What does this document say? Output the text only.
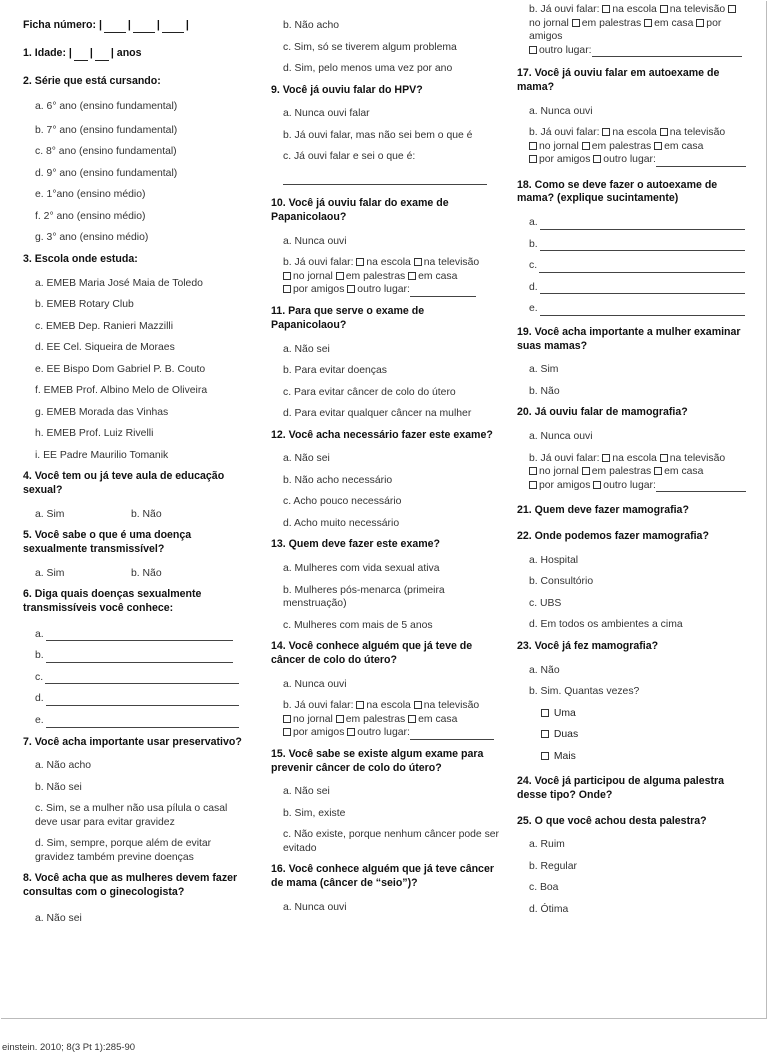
Ficha número: | | | |
1. Idade: | | | anos
2. Série que está cursando:
a. 6° ano (ensino fundamental)
b. 7° ano (ensino fundamental)
c. 8° ano (ensino fundamental)
d. 9° ano (ensino fundamental)
e. 1°ano (ensino médio)
f. 2° ano (ensino médio)
g. 3° ano (ensino médio)
3. Escola onde estuda:
a. EMEB Maria José Maia de Toledo
b. EMEB Rotary Club
c. EMEB Dep. Ranieri Mazzilli
d. EE Cel. Siqueira de Moraes
e. EE Bispo Dom Gabriel P. B. Couto
f. EMEB Prof. Albino Melo de Oliveira
g. EMEB Morada das Vinhas
h. EMEB Prof. Luiz Rivelli
i. EE Padre Maurilio Tomanik
4. Você tem ou já teve aula de educação sexual?
a. Sim	b. Não
5. Você sabe o que é uma doença sexualmente transmissível?
a. Sim	b. Não
6. Diga quais doenças sexualmente transmissíveis você conhece:
a.
b.
c.
d.
e.
7. Você acha importante usar preservativo?
a. Não acho
b. Não sei
c. Sim, se a mulher não usa pílula o casal deve usar para evitar gravidez
d. Sim, sempre, porque além de evitar gravidez também previne doenças
8. Você acha que as mulheres devem fazer consultas com o ginecologista?
a. Não sei
b. Não acho
c. Sim, só se tiverem algum problema
d. Sim, pelo menos uma vez por ano
9. Você já ouviu falar do HPV?
a. Nunca ouvi falar
b. Já ouvi falar, mas não sei bem o que é
c. Já ouvi falar e sei o que é:
10. Você já ouviu falar do exame de Papanicolaou?
a. Nunca ouvi
b. Já ouvi falar: na escola na televisão
no jornal em palestras em casa
por amigos outro lugar:
11. Para que serve o exame de Papanicolaou?
a. Não sei
b. Para evitar doenças
c. Para evitar câncer de colo do útero
d. Para evitar qualquer câncer na mulher
12. Você acha necessário fazer este exame?
a. Não sei
b. Não acho necessário
c. Acho pouco necessário
d. Acho muito necessário
13. Quem deve fazer este exame?
a. Mulheres com vida sexual ativa
b. Mulheres pós-menarca (primeira menstruação)
c. Mulheres com mais de 5 anos
14. Você conhece alguém que já teve de câncer de colo do útero?
a. Nunca ouvi
b. Já ouvi falar: na escola na televisão
no jornal em palestras em casa
por amigos outro lugar:
15. Você sabe se existe algum exame para prevenir câncer de colo do útero?
a. Não sei
b. Sim, existe
c. Não existe, porque nenhum câncer pode ser evitado
16. Você conhece alguém que já teve câncer de mama (câncer de “seio”)?
a. Nunca ouvi
b. Já ouvi falar: na escola na televisão no jornal em palestras em casa por amigos
outro lugar:
17. Você já ouviu falar em autoexame de mama?
a. Nunca ouvi
b. Já ouvi falar: na escola na televisão
no jornal em palestras em casa
por amigos outro lugar:
18. Como se deve fazer o autoexame de mama? (explique sucintamente)
a.
b.
c.
d.
e.
19. Você acha importante a mulher examinar suas mamas?
a. Sim
b. Não
20. Já ouviu falar de mamografia?
a. Nunca ouvi
b. Já ouvi falar: na escola na televisão
no jornal em palestras em casa
por amigos outro lugar:
21. Quem deve fazer mamografia?
22. Onde podemos fazer mamografia?
a. Hospital
b. Consultório
c. UBS
d. Em todos os ambientes a cima
23. Você já fez mamografia?
a. Não
b. Sim. Quantas vezes?
Uma
Duas
Mais
24. Você já participou de alguma palestra desse tipo? Onde?
25. O que você achou desta palestra?
a. Ruim
b. Regular
c. Boa
d. Ótima
einstein. 2010; 8(3 Pt 1):285-90
